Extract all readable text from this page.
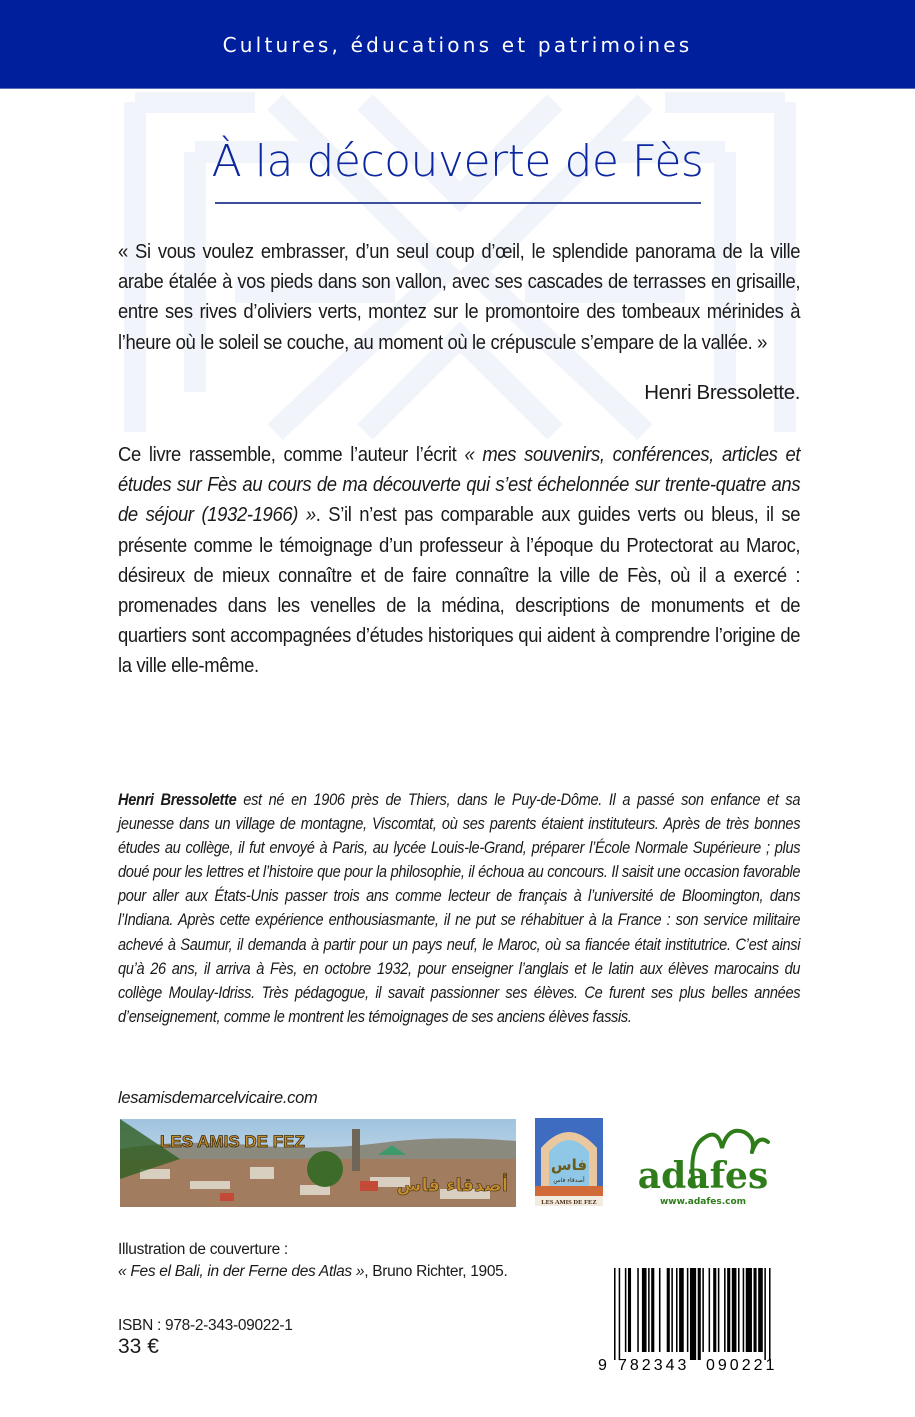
Cultures, éducations et patrimoines
À la découverte de Fès
« Si vous voulez embrasser, d’un seul coup d’œil, le splendide panorama de la ville arabe étalée à vos pieds dans son vallon, avec ses cascades de terrasses en grisaille, entre ses rives d’oliviers verts, montez sur le promontoire des tombeaux mérinides à l’heure où le soleil se couche, au moment où le crépuscule s’empare de la vallée. »
Henri Bressolette.
Ce livre rassemble, comme l’auteur l’écrit « mes souvenirs, conférences, articles et études sur Fès au cours de ma découverte qui s’est échelonnée sur trente-quatre ans de séjour (1932-1966) ». S’il n’est pas comparable aux guides verts ou bleus, il se présente comme le témoignage d’un professeur à l’époque du Protectorat au Maroc, désireux de mieux connaître et de faire connaître la ville de Fès, où il a exercé : promenades dans les venelles de la médina, descriptions de monuments et de quartiers sont accompagnées d’études historiques qui aident à comprendre l’origine de la ville elle-même.
Henri Bressolette est né en 1906 près de Thiers, dans le Puy-de-Dôme. Il a passé son enfance et sa jeunesse dans un village de montagne, Viscomtat, où ses parents étaient instituteurs. Après de très bonnes études au collège, il fut envoyé à Paris, au lycée Louis-le-Grand, préparer l’École Normale Supérieure ; plus doué pour les lettres et l’histoire que pour la philosophie, il échoua au concours. Il saisit une occasion favorable pour aller aux États-Unis passer trois ans comme lecteur de français à l’université de Bloomington, dans l’Indiana. Après cette expérience enthousiasmante, il ne put se réhabituer à la France : son service militaire achevé à Saumur, il demanda à partir pour un pays neuf, le Maroc, où sa fiancée était institutrice. C’est ainsi qu’à 26 ans, il arriva à Fès, en octobre 1932, pour enseigner l’anglais et le latin aux élèves marocains du collège Moulay-Idriss. Très pédagogue, il savait passionner ses élèves. Ce furent ses plus belles années d’enseignement, comme le montrent les témoignages de ses anciens élèves fassis.
lesamisdemarcelvicaire.com
LES AMIS DE FEZ
أصدقاء فاس
فاس
أصدقاء فاس
LES AMIS DE FEZ
adafes
www.adafes.com
Illustration de couverture :
« Fes el Bali, in der Ferne des Atlas », Bruno Richter, 1905.
ISBN : 978-2-343-09022-1
33 €
9 782343 090221
